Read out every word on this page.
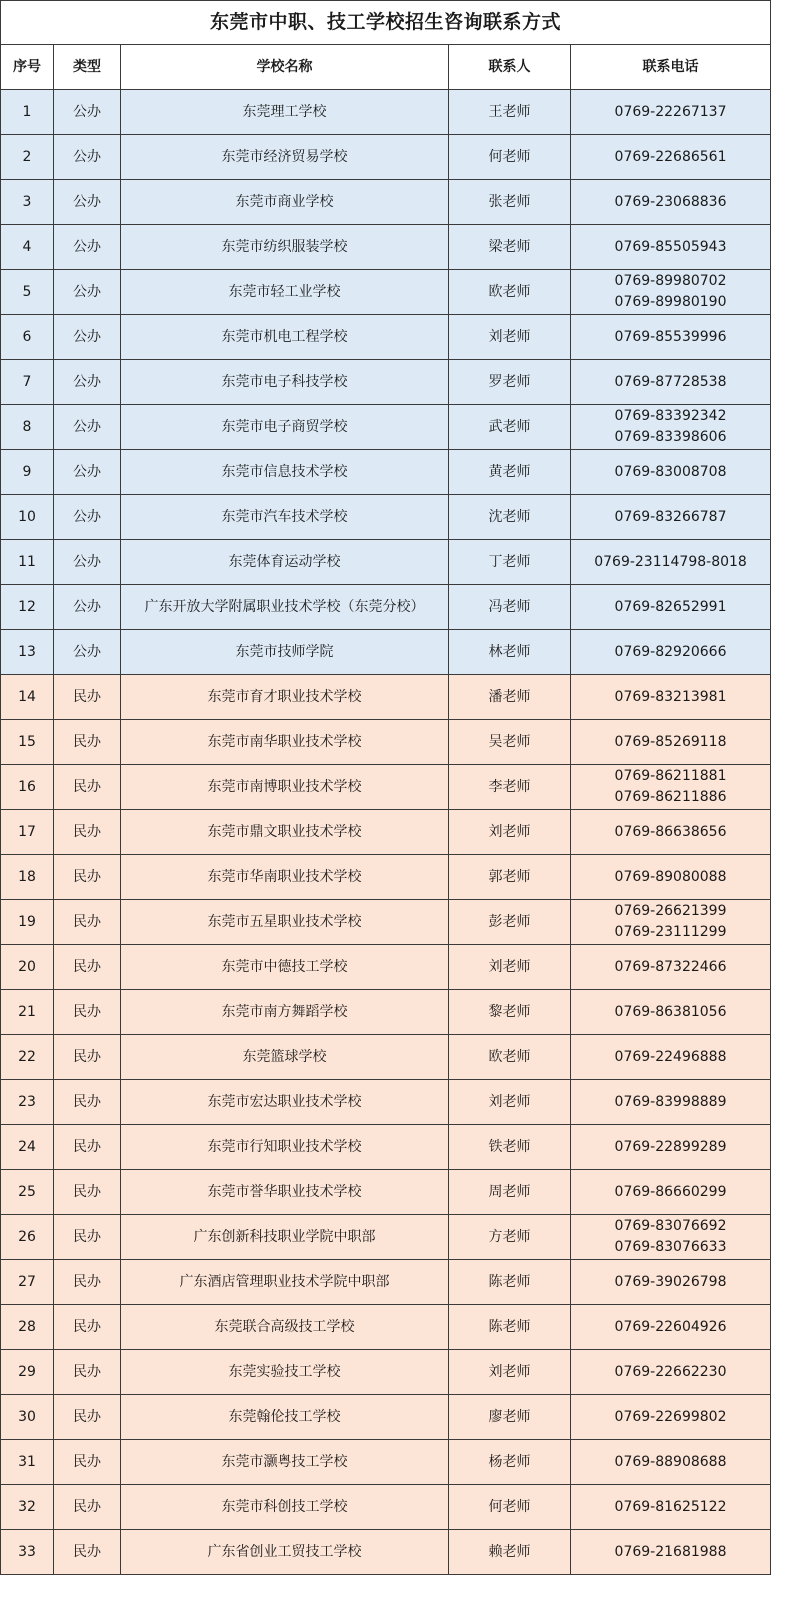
东莞市中职、技工学校招生咨询联系方式				
序号	类型	学校名称	联系人	联系电话
1	公办	东莞理工学校	王老师	0769-22267137

2	公办	东莞市经济贸易学校	何老师	0769-22686561

3	公办	东莞市商业学校	张老师	0769-23068836

4	公办	东莞市纺织服装学校	梁老师	0769-85505943

5	公办	东莞市轻工业学校	欧老师	0769-89980702
0769-89980190

6	公办	东莞市机电工程学校	刘老师	0769-85539996

7	公办	东莞市电子科技学校	罗老师	0769-87728538

8	公办	东莞市电子商贸学校	武老师	0769-83392342
0769-83398606

9	公办	东莞市信息技术学校	黄老师	0769-83008708

10	公办	东莞市汽车技术学校	沈老师	0769-83266787

11	公办	东莞体育运动学校	丁老师	0769-23114798-8018

12	公办	广东开放大学附属职业技术学校（东莞分校）	冯老师	0769-82652991

13	公办	东莞市技师学院	林老师	0769-82920666

14	民办	东莞市育才职业技术学校	潘老师	0769-83213981

15	民办	东莞市南华职业技术学校	吴老师	0769-85269118

16	民办	东莞市南博职业技术学校	李老师	0769-86211881
0769-86211886

17	民办	东莞市鼎文职业技术学校	刘老师	0769-86638656

18	民办	东莞市华南职业技术学校	郭老师	0769-89080088

19	民办	东莞市五星职业技术学校	彭老师	0769-26621399
0769-23111299

20	民办	东莞市中德技工学校	刘老师	0769-87322466

21	民办	东莞市南方舞蹈学校	黎老师	0769-86381056

22	民办	东莞篮球学校	欧老师	0769-22496888

23	民办	东莞市宏达职业技术学校	刘老师	0769-83998889

24	民办	东莞市行知职业技术学校	铁老师	0769-22899289

25	民办	东莞市誉华职业技术学校	周老师	0769-86660299

26	民办	广东创新科技职业学院中职部	方老师	0769-83076692
0769-83076633

27	民办	广东酒店管理职业技术学院中职部	陈老师	0769-39026798

28	民办	东莞联合高级技工学校	陈老师	0769-22604926

29	民办	东莞实验技工学校	刘老师	0769-22662230

30	民办	东莞翰伦技工学校	廖老师	0769-22699802

31	民办	东莞市灏粤技工学校	杨老师	0769-88908688

32	民办	东莞市科创技工学校	何老师	0769-81625122

33	民办	广东省创业工贸技工学校	赖老师	0769-21681988
